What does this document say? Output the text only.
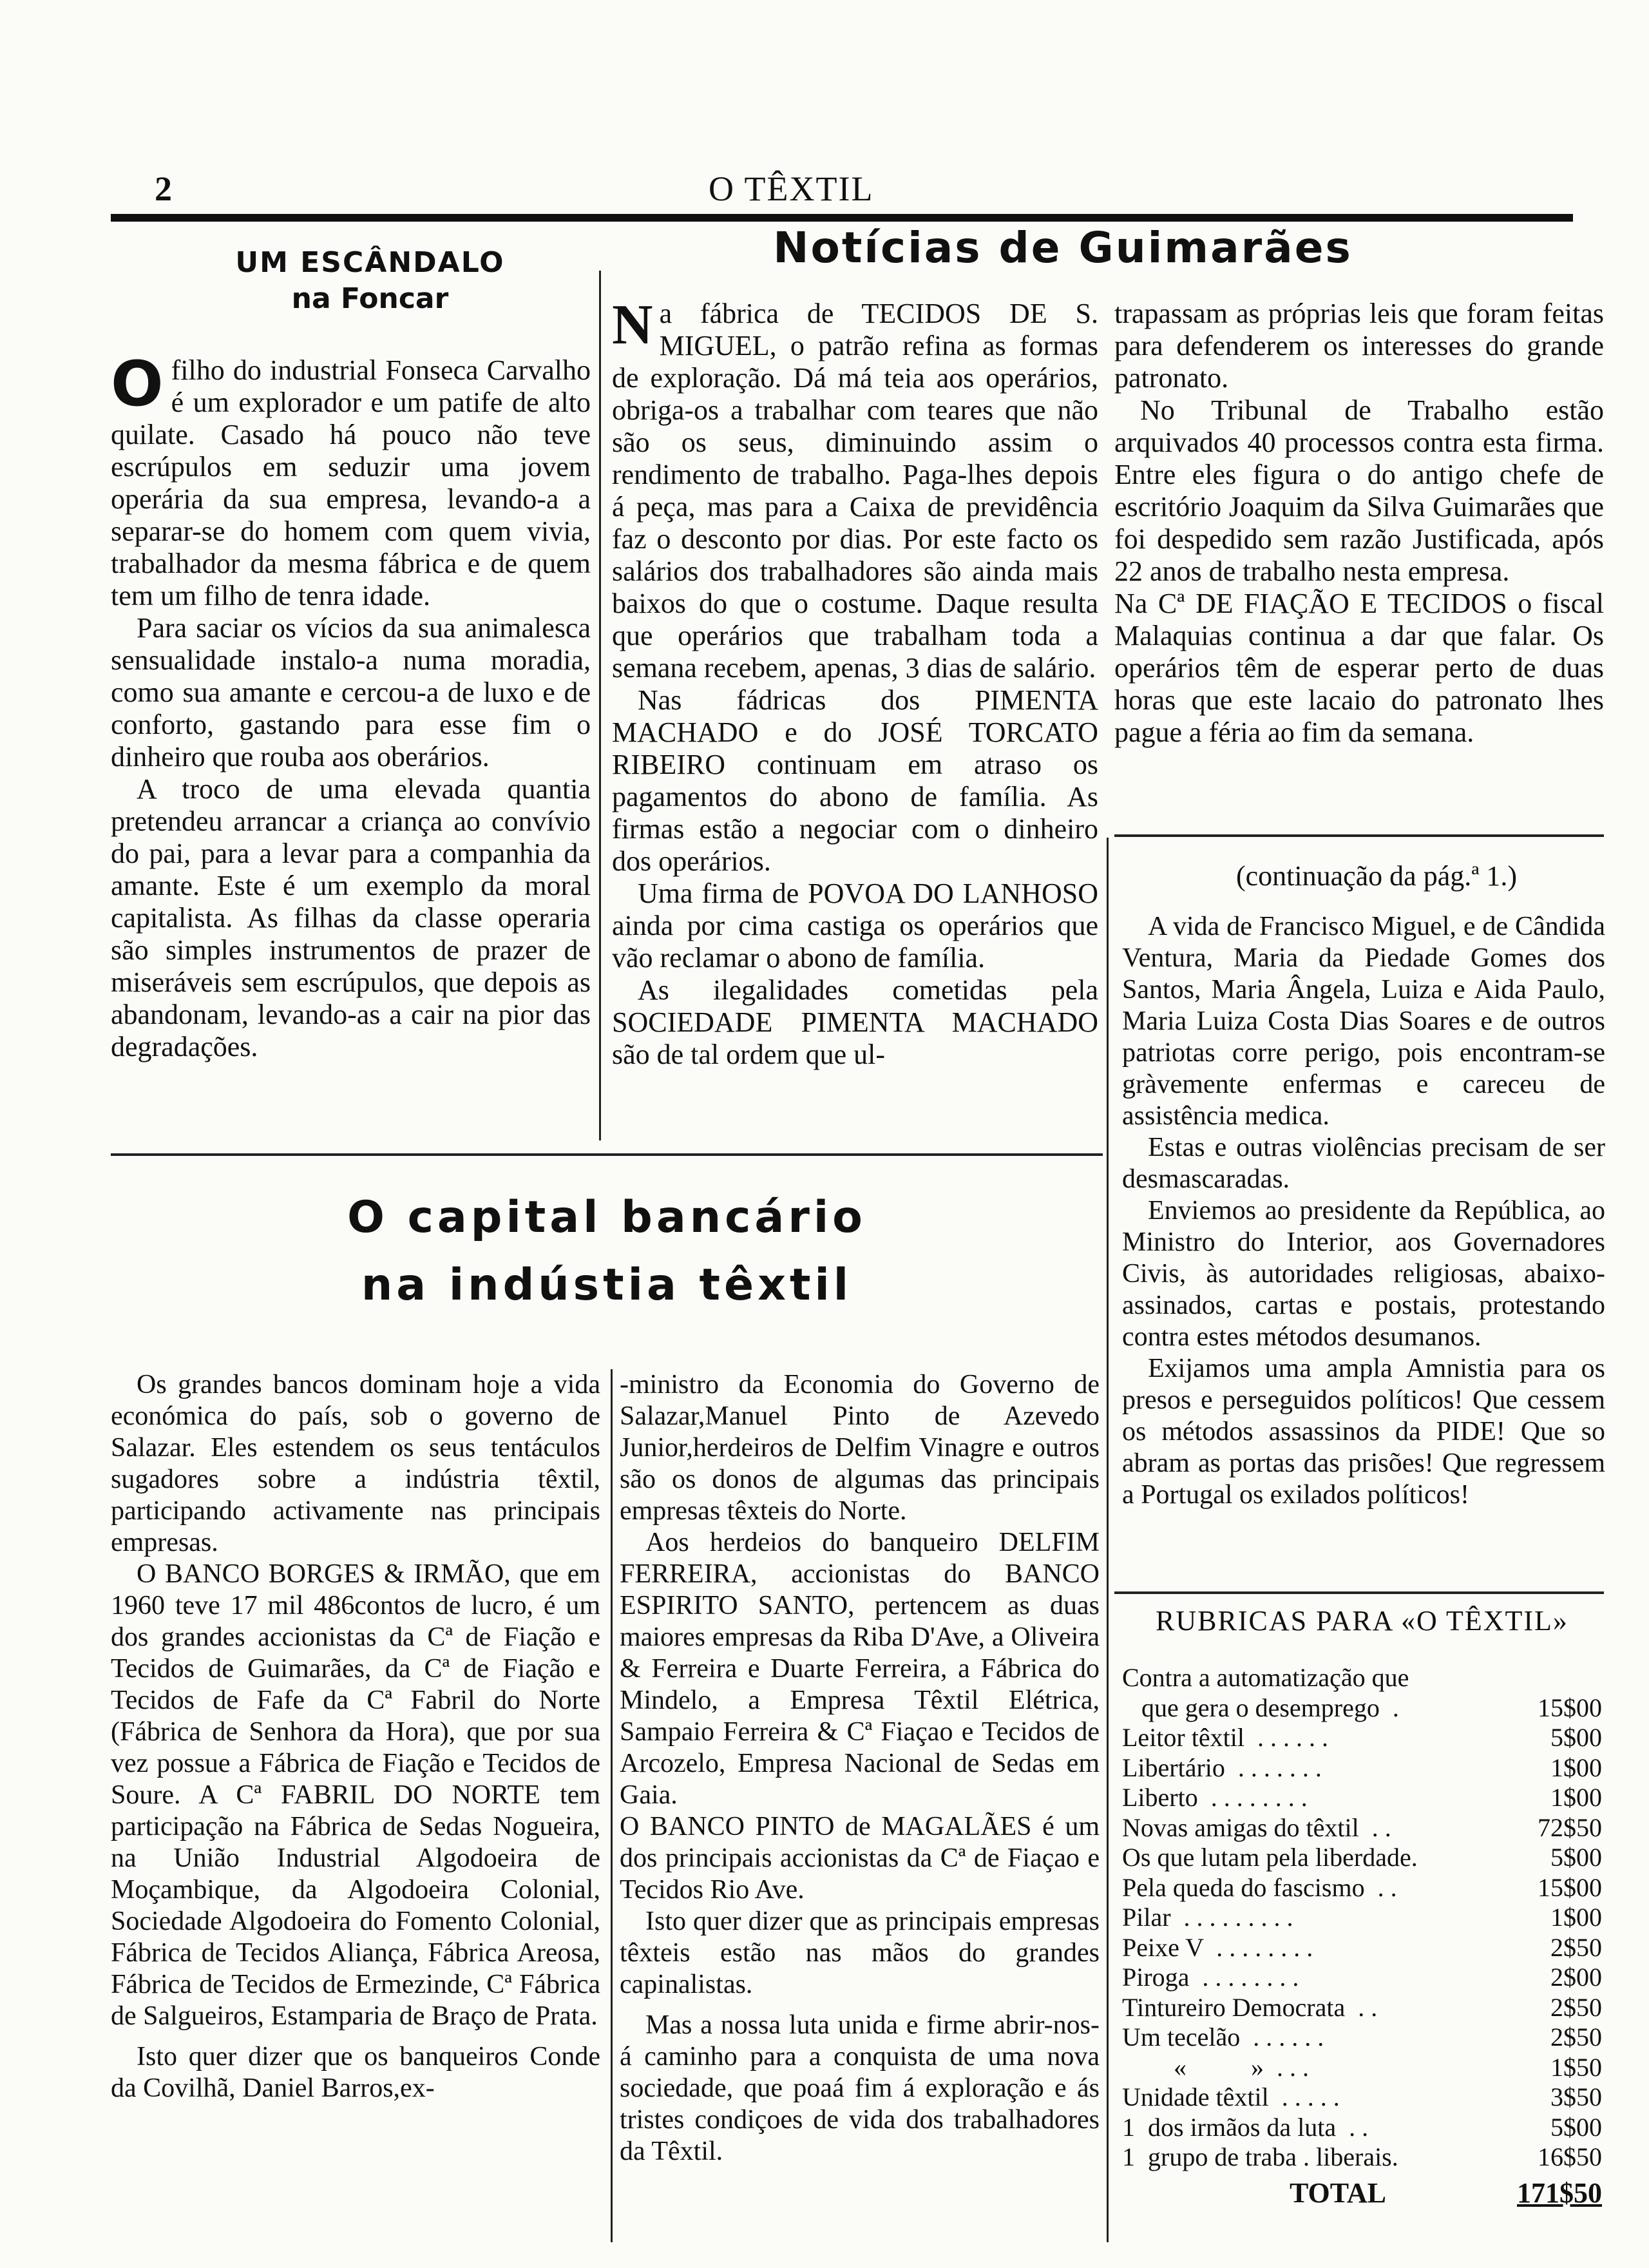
2	O TÊXTIL
UM ESCÂNDALO
na Foncar

Ofilho do industrial Fonseca Carvalho é um explorador e um patife de alto quilate. Casado há pouco não teve escrúpulos em seduzir uma jovem operária da sua empresa, levando-a a separar-se do homem com quem vivia, trabalhador da mesma fábrica e de quem tem um filho de tenra idade.

Para saciar os vícios da sua animalesca sensualidade instalo-a numa moradia, como sua amante e cercou-a de luxo e de conforto, gastando para esse fim o dinheiro que rouba aos oberários.

A troco de uma elevada quantia pretendeu arrancar a criança ao convívio do pai, para a levar para a companhia da amante. Este é um exemplo da moral capitalista. As filhas da classe operaria são simples instrumentos de prazer de miseráveis sem escrúpulos, que depois as abandonam, levando-as a cair na pior das degradações.

Notícias de Guimarães

Na fábrica de TECIDOS DE S. MIGUEL, o patrão refina as formas de exploração. Dá má teia aos operários, obriga-os a trabalhar com teares que não são os seus, diminuindo assim o rendimento de trabalho. Paga-lhes depois á peça, mas para a Caixa de previdência faz o desconto por dias. Por este facto os salários dos trabalhadores são ainda mais baixos do que o costume. Daque resulta que operários que trabalham toda a semana recebem, apenas, 3 dias de salário.

Nas fádricas dos PIMENTA MACHADO e do JOSÉ TORCATO RIBEIRO continuam em atraso os pagamentos do abono de família. As firmas estão a negociar com o dinheiro dos operários.

Uma firma de POVOA DO LANHOSO ainda por cima castiga os operários que vão reclamar o abono de família.

As ilegalidades cometidas pela SOCIEDADE PIMENTA MACHADO são de tal ordem que ul-

trapassam as próprias leis que foram feitas para defenderem os interesses do grande patronato.

No Tribunal de Trabalho estão arquivados 40 processos contra esta firma. Entre eles figura o do antigo chefe de escritório Joaquim da Silva Guimarães que foi despedido sem razão Justificada, após 22 anos de trabalho nesta empresa.

Na Cª DE FIAÇÃO E TECIDOS o fiscal Malaquias continua a dar que falar. Os operários têm de esperar perto de duas horas que este lacaio do patronato lhes pague a féria ao fim da semana.

(continuação da pág.ª 1.)

A vida de Francisco Miguel, e de Cândida Ventura, Maria da Piedade Gomes dos Santos, Maria Ângela, Luiza e Aida Paulo, Maria Luiza Costa Dias Soares e de outros patriotas corre perigo, pois encontram-se gràvemente enfermas e careceu de assistência medica.

Estas e outras violências precisam de ser desmascaradas.

Enviemos ao presidente da República, ao Ministro do Interior, aos Governadores Civis, às autoridades religiosas, abaixo-assinados, cartas e postais, protestando contra estes métodos desumanos.

Exijamos uma ampla Amnistia para os presos e perseguidos políticos! Que cessem os métodos assassinos da PIDE! Que so abram as portas das prisões! Que regressem a Portugal os exilados políticos!

O capital bancário
na indústia têxtil

Os grandes bancos dominam hoje a vida económica do país, sob o governo de Salazar. Eles estendem os seus tentáculos sugadores sobre a indústria têxtil, participando activamente nas principais empresas.

O BANCO BORGES & IRMÃO, que em 1960 teve 17 mil 486contos de lucro, é um dos grandes accionistas da Cª de Fiação e Tecidos de Guimarães, da Cª de Fiação e Tecidos de Fafe da Cª Fabril do Norte (Fábrica de Senhora da Hora), que por sua vez possue a Fábrica de Fiação e Tecidos de Soure. A Cª FABRIL DO NORTE tem participação na Fábrica de Sedas Nogueira, na União Industrial Algodoeira de Moçambique, da Algodoeira Colonial, Sociedade Algodoeira do Fomento Colonial, Fábrica de Tecidos Aliança, Fábrica Areosa, Fábrica de Tecidos de Ermezinde, Cª Fábrica de Salgueiros, Estamparia de Braço de Prata.

Isto quer dizer que os banqueiros Conde da Covilhã, Daniel Barros,ex-

-ministro da Economia do Governo de Salazar,Manuel Pinto de Azevedo Junior,herdeiros de Delfim Vinagre e outros são os donos de algumas das principais empresas têxteis do Norte.

Aos herdeios do banqueiro DELFIM FERREIRA, accionistas do BANCO ESPIRITO SANTO, pertencem as duas maiores empresas da Riba D'Ave, a Oliveira & Ferreira e Duarte Ferreira, a Fábrica do Mindelo, a Empresa Têxtil Elétrica, Sampaio Ferreira & Cª Fiaçao e Tecidos de Arcozelo, Empresa Nacional de Sedas em Gaia.

O BANCO PINTO de MAGALÃES é um dos principais accionistas da Cª de Fiaçao e Tecidos Rio Ave.

Isto quer dizer que as principais empresas têxteis estão nas mãos do grandes capinalistas.

Mas a nossa luta unida e firme abrir-nos-á caminho para a conquista de uma nova sociedade, que poaá fim á exploração e ás tristes condiçoes de vida dos trabalhadores da Têxtil.

RUBRICAS PARA «O TÊXTIL»
Contra a automatização que
que gera o desemprego  .	15$00
Leitor têxtil  . . . . . .	5$00
Libertário  . . . . . . .	1$00
Liberto  . . . . . . . .	1$00
Novas amigas do têxtil  . .	72$50
Os que lutam pela liberdade.	5$00
Pela queda do fascismo  . .	15$00
Pilar  . . . . . . . . .	1$00
Peixe V  . . . . . . . .	2$50
Piroga  . . . . . . . .	2$00
Tintureiro Democrata  . .	2$50
Um tecelão  . . . . . .	2$50
«          »  . . .	1$50
Unidade têxtil  . . . . .	3$50
1  dos irmãos da luta  . .	5$00
1  grupo de traba . liberais.	16$50
TOTAL	171$50
